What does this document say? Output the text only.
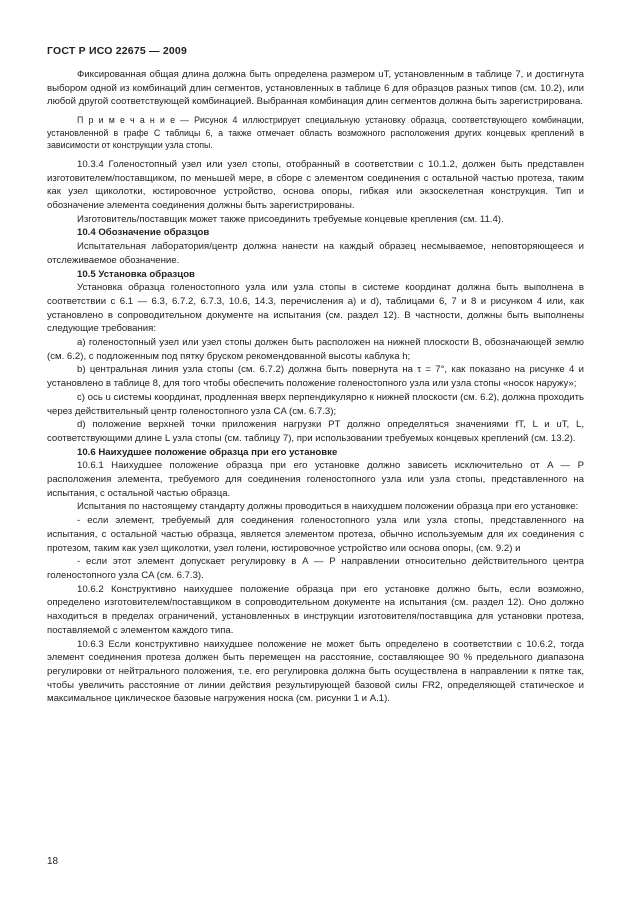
ГОСТ Р ИСО 22675 — 2009

Фиксированная общая длина должна быть определена размером uT, установленным в таблице 7, и достигнута выбором одной из комбинаций длин сегментов, установленных в таблице 6 для образцов разных типов (см. 10.2), или любой другой соответствующей комбинацией. Выбранная комбинация длин сегментов должна быть зарегистрирована.

П р и м е ч а н и е — Рисунок 4 иллюстрирует специальную установку образца, соответствующего комбинации, установленной в графе С таблицы 6, а также отмечает область возможного расположения других концевых креплений в зависимости от конструкции узла стопы.

10.3.4 Голеностопный узел или узел стопы, отобранный в соответствии с 10.1.2, должен быть представлен изготовителем/поставщиком, по меньшей мере, в сборе с элементом соединения с остальной частью протеза, таким как узел щиколотки, юстировочное устройство, основа опоры, гибкая или экзоскелетная конструкция. Тип и обозначение элемента соединения должны быть зарегистрированы.

Изготовитель/поставщик может также присоединить требуемые концевые крепления (см. 11.4).

10.4 Обозначение образцов

Испытательная лаборатория/центр должна нанести на каждый образец несмываемое, неповторяющееся и отслеживаемое обозначение.

10.5 Установка образцов

Установка образца голеностопного узла или узла стопы в системе координат должна быть выполнена в соответствии с 6.1 — 6.3, 6.7.2, 6.7.3, 10.6, 14.3, перечисления a) и d), таблицами 6, 7 и 8 и рисунком 4 или, как установлено в сопроводительном документе на испытания (см. раздел 12). В частности, должны быть выполнены следующие требования:

a) голеностопный узел или узел стопы должен быть расположен на нижней плоскости B, обозначающей землю (см. 6.2), с подложенным под пятку бруском рекомендованной высоты каблука h;

b) центральная линия узла стопы (см. 6.7.2) должна быть повернута на τ = 7°, как показано на рисунке 4 и установлено в таблице 8, для того чтобы обеспечить положение голеностопного узла или узла стопы «носок наружу»;

c) ось u системы координат, продленная вверх перпендикулярно к нижней плоскости (см. 6.2), должна проходить через действительный центр голеностопного узла CA (см. 6.7.3);

d) положение верхней точки приложения нагрузки PT должно определяться значениями fT, L и uT, L, соответствующими длине L узла стопы (см. таблицу 7), при использовании требуемых концевых креплений (см. 13.2).

10.6 Наихудшее положение образца при его установке

10.6.1 Наихудшее положение образца при его установке должно зависеть исключительно от A — P расположения элемента, требуемого для соединения голеностопного узла или узла стопы, представленного на испытания, с остальной частью образца.

Испытания по настоящему стандарту должны проводиться в наихудшем положении образца при его установке:

- если элемент, требуемый для соединения голеностопного узла или узла стопы, представленного на испытания, с остальной частью образца, является элементом протеза, обычно используемым для их соединения с протезом, таким как узел щиколотки, узел голени, юстировочное устройство или основа опоры, (см. 9.2) и

- если этот элемент допускает регулировку в A — P направлении относительно действительного центра голеностопного узла CA (см. 6.7.3).

10.6.2 Конструктивно наихудшее положение образца при его установке должно быть, если возможно, определено изготовителем/поставщиком в сопроводительном документе на испытания (см. раздел 12). Оно должно находиться в пределах ограничений, установленных в инструкции изготовителя/поставщика для установки протеза, поставляемой с элементом каждого типа.

10.6.3 Если конструктивно наихудшее положение не может быть определено в соответствии с 10.6.2, тогда элемент соединения протеза должен быть перемещен на расстояние, составляющее 90 % предельного диапазона регулировки от нейтрального положения, т.е. его регулировка должна быть осуществлена в направлении к пятке так, чтобы увеличить расстояние от линии действия результирующей базовой силы FR2, определяющей статическое и максимальное циклическое базовые нагружения носка (см. рисунки 1 и A.1).

18
